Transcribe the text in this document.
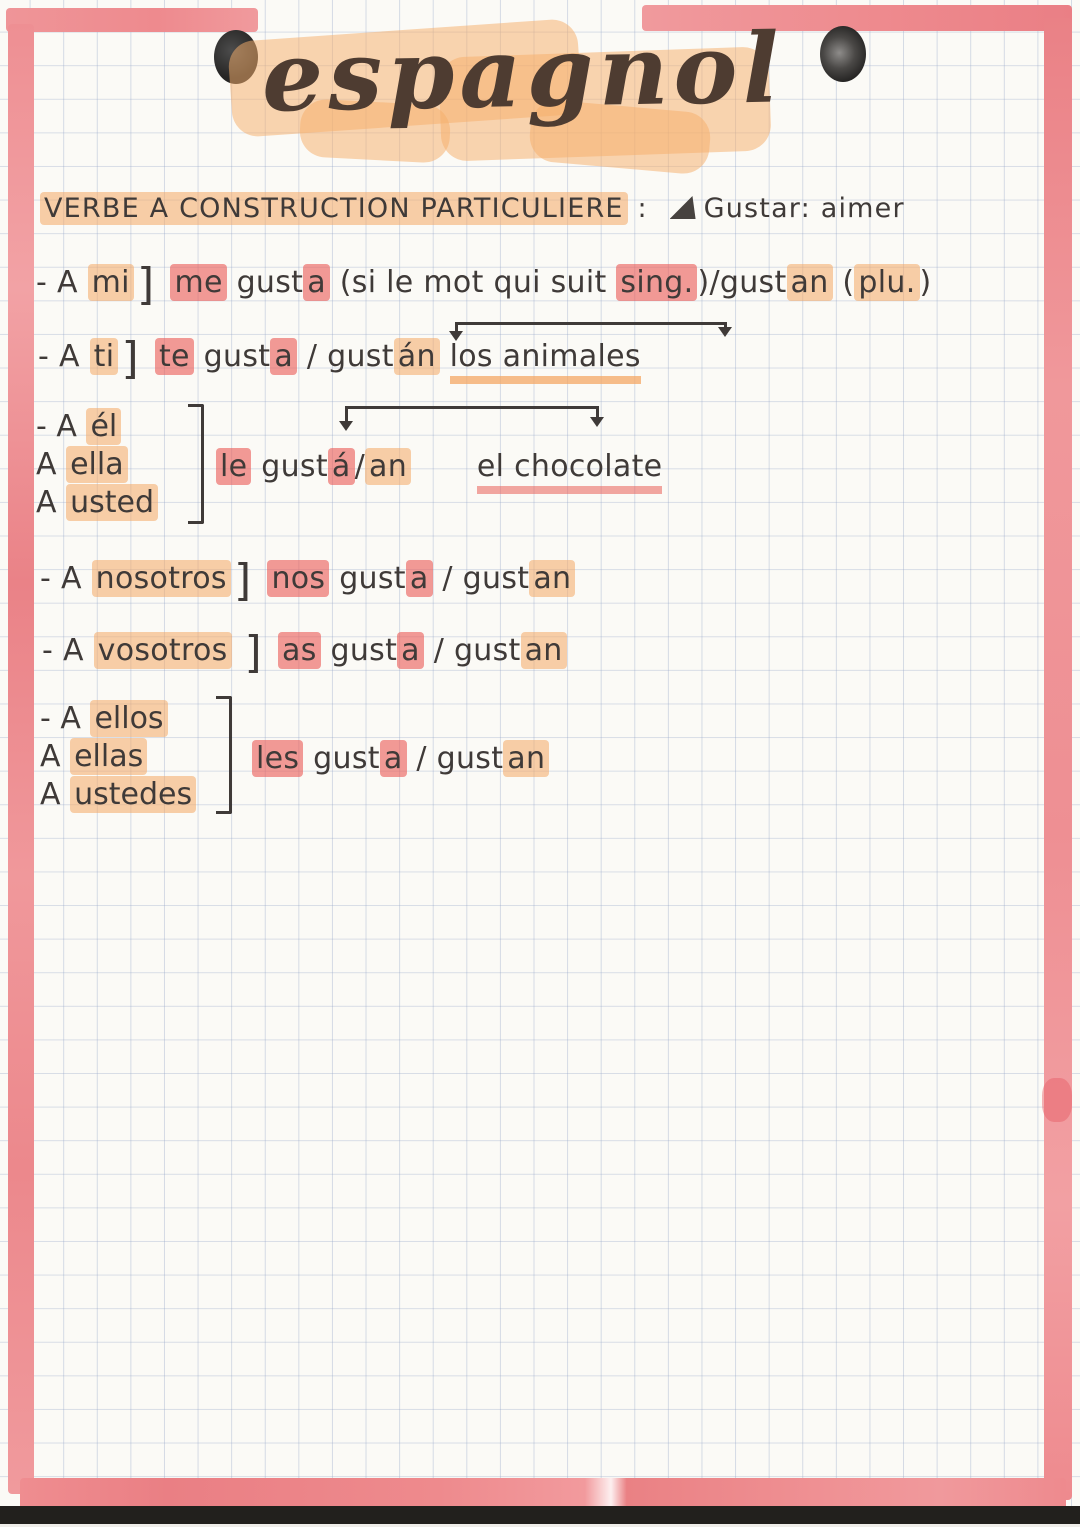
espagnol
VERBE A CONSTRUCTION PARTICULIERE : Gustar: aimer
- A mi] me gust a (si le mot qui suit sing. )/gust an ( plu. )
- A ti] te gust a / gust án los animales
- A él
A ella
A usted
le gust á / an el chocolate
- A nosotros] nos gust a / gust an
- A vosotros ] as gust a / gust an
- A ellos
A ellas
A ustedes
les gust a / gust an
